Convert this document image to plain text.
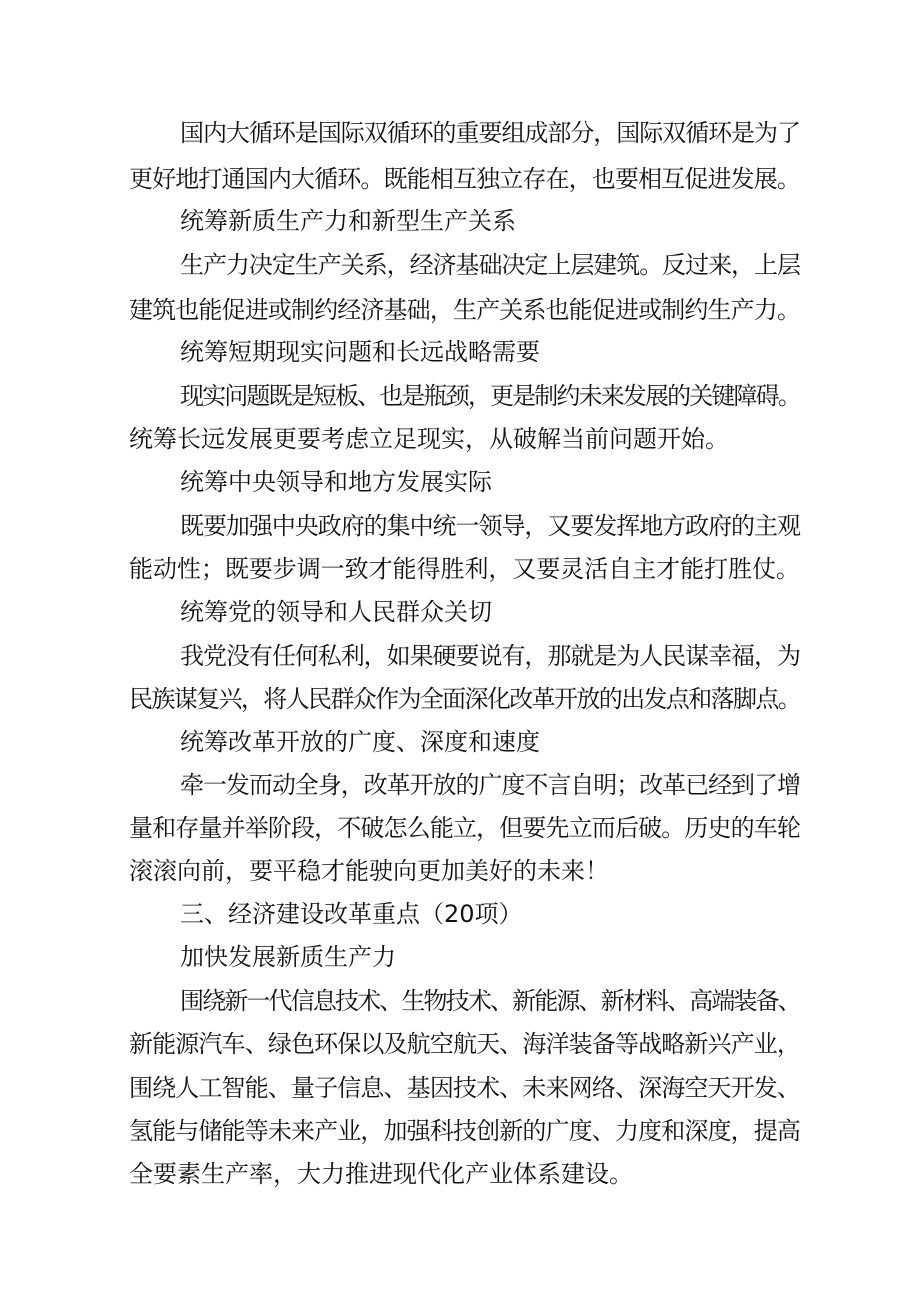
国内大循环是国际双循环的重要组成部分，国际双循环是为了
更好地打通国内大循环。既能相互独立存在，也要相互促进发展。
统筹新质生产力和新型生产关系
生产力决定生产关系，经济基础决定上层建筑。反过来，上层
建筑也能促进或制约经济基础，生产关系也能促进或制约生产力。
统筹短期现实问题和长远战略需要
现实问题既是短板、也是瓶颈，更是制约未来发展的关键障碍。
统筹长远发展更要考虑立足现实，从破解当前问题开始。
统筹中央领导和地方发展实际
既要加强中央政府的集中统一领导，又要发挥地方政府的主观
能动性；既要步调一致才能得胜利，又要灵活自主才能打胜仗。
统筹党的领导和人民群众关切
我党没有任何私利，如果硬要说有，那就是为人民谋幸福，为
民族谋复兴，将人民群众作为全面深化改革开放的出发点和落脚点。
统筹改革开放的广度、深度和速度
牵一发而动全身，改革开放的广度不言自明；改革已经到了增
量和存量并举阶段，不破怎么能立，但要先立而后破。历史的车轮
滚滚向前，要平稳才能驶向更加美好的未来！
三、经济建设改革重点（20项）
加快发展新质生产力
围绕新一代信息技术、生物技术、新能源、新材料、高端装备、
新能源汽车、绿色环保以及航空航天、海洋装备等战略新兴产业，
围绕人工智能、量子信息、基因技术、未来网络、深海空天开发、
氢能与储能等未来产业，加强科技创新的广度、力度和深度，提高
全要素生产率，大力推进现代化产业体系建设。
